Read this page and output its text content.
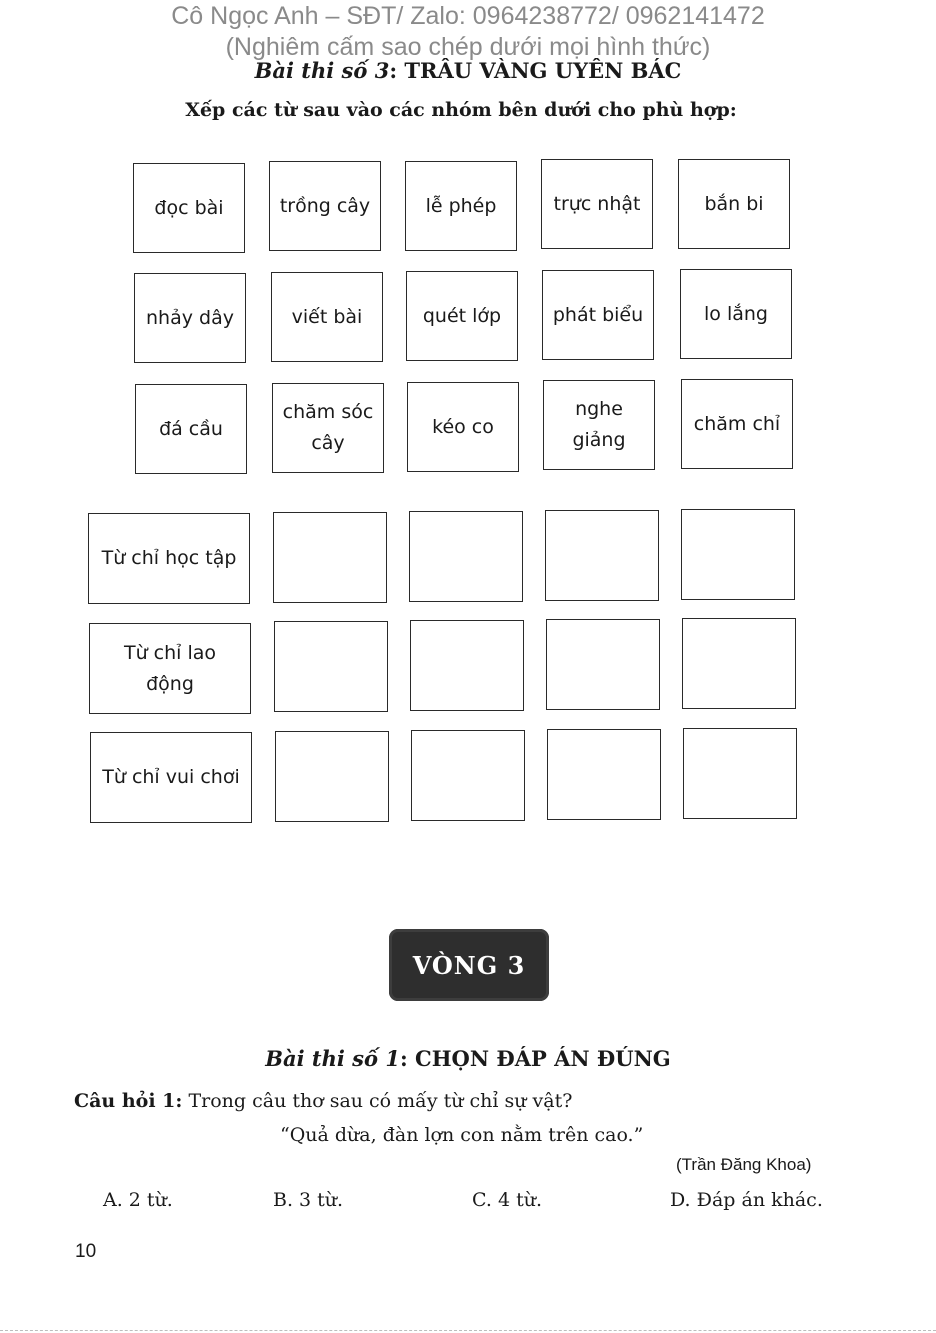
Cô Ngọc Anh – SĐT/ Zalo: 0964238772/ 0962141472
(Nghiêm cấm sao chép dưới mọi hình thức)
Bài thi số 3: TRÂU VÀNG UYÊN BÁC
Xếp các từ sau vào các nhóm bên dưới cho phù hợp:
đọc bài	trồng cây	lễ phép	trực nhật	bắn bi
nhảy dây	viết bài	quét lớp	phát biểu	lo lắng
đá cầu
chăm sóc cây
kéo co
nghe giảng
chăm chỉ
Từ chỉ học tập
Từ chỉ lao động
Từ chỉ vui chơi
VÒNG 3
Bài thi số 1: CHỌN ĐÁP ÁN ĐÚNG
Câu hỏi 1: Trong câu thơ sau có mấy từ chỉ sự vật?
“Quả dừa, đàn lợn con nằm trên cao.”
(Trần Đăng Khoa)
A. 2 từ.	B. 3 từ.	C. 4 từ.	D. Đáp án khác.
10
